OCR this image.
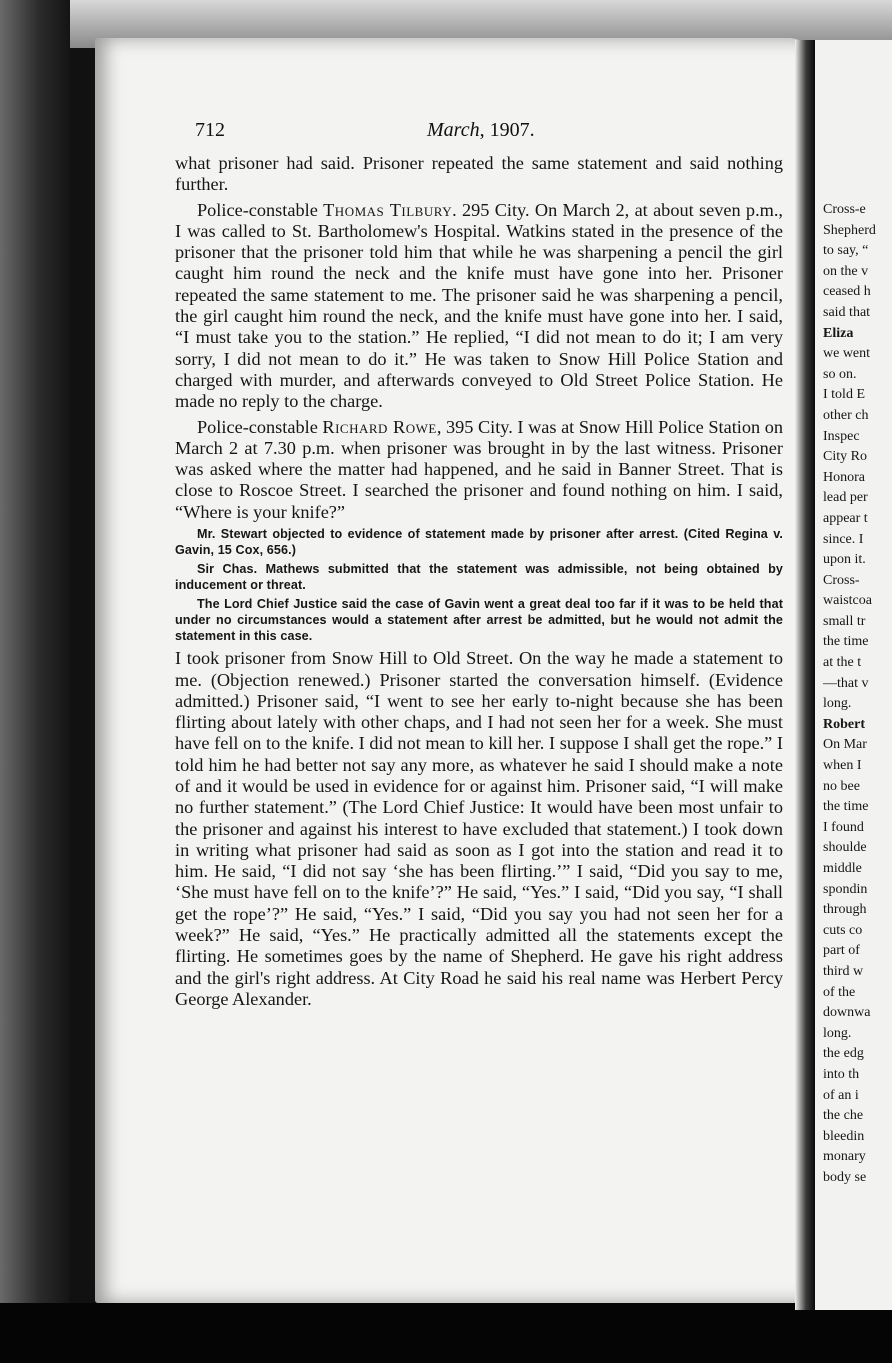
Cross-e
Shepherd
to say, “
on the v
ceased h
said that
Eliza
we went
so on.
I told E
other ch
Inspec
City Ro
Honora
lead per
appear t
since. I
upon it.
Cross-
waistcoa
small tr
the time
at the t
—that v
long.
Robert
On Mar
when I
no bee
the time
I found
shoulde
middle
spondin
through
cuts co
part of
third w
of the
downwa
long.
the edg
into th
of an i
the che
bleedin
monary
body se
712	March, 1907.

what prisoner had said. Prisoner repeated the same statement and said nothing further.

Police-constable Thomas Tilbury. 295 City. On March 2, at about seven p.m., I was called to St. Bartholomew's Hospital. Watkins stated in the presence of the prisoner that the prisoner told him that while he was sharpening a pencil the girl caught him round the neck and the knife must have gone into her. Prisoner repeated the same statement to me. The prisoner said he was sharpening a pencil, the girl caught him round the neck, and the knife must have gone into her. I said, “I must take you to the station.” He replied, “I did not mean to do it; I am very sorry, I did not mean to do it.” He was taken to Snow Hill Police Station and charged with murder, and afterwards conveyed to Old Street Police Station. He made no reply to the charge.

Police-constable Richard Rowe, 395 City. I was at Snow Hill Police Station on March 2 at 7.30 p.m. when prisoner was brought in by the last witness. Prisoner was asked where the matter had happened, and he said in Banner Street. That is close to Roscoe Street. I searched the prisoner and found nothing on him. I said, “Where is your knife?”

Mr. Stewart objected to evidence of statement made by prisoner after arrest. (Cited Regina v. Gavin, 15 Cox, 656.)

Sir Chas. Mathews submitted that the statement was admissible, not being obtained by inducement or threat.

The Lord Chief Justice said the case of Gavin went a great deal too far if it was to be held that under no circumstances would a statement after arrest be admitted, but he would not admit the statement in this case.

I took prisoner from Snow Hill to Old Street. On the way he made a statement to me. (Objection renewed.) Prisoner started the conversation himself. (Evidence admitted.) Prisoner said, “I went to see her early to-night because she has been flirting about lately with other chaps, and I had not seen her for a week. She must have fell on to the knife. I did not mean to kill her. I suppose I shall get the rope.” I told him he had better not say any more, as whatever he said I should make a note of and it would be used in evidence for or against him. Prisoner said, “I will make no further statement.” (The Lord Chief Justice: It would have been most unfair to the prisoner and against his interest to have excluded that statement.) I took down in writing what prisoner had said as soon as I got into the station and read it to him. He said, “I did not say ‘she has been flirting.’” I said, “Did you say to me, ‘She must have fell on to the knife’?” He said, “Yes.” I said, “Did you say, “I shall get the rope’?” He said, “Yes.” I said, “Did you say you had not seen her for a week?” He said, “Yes.” He practically admitted all the statements except the flirting. He sometimes goes by the name of Shepherd. He gave his right address and the girl's right address. At City Road he said his real name was Herbert Percy George Alexander.
